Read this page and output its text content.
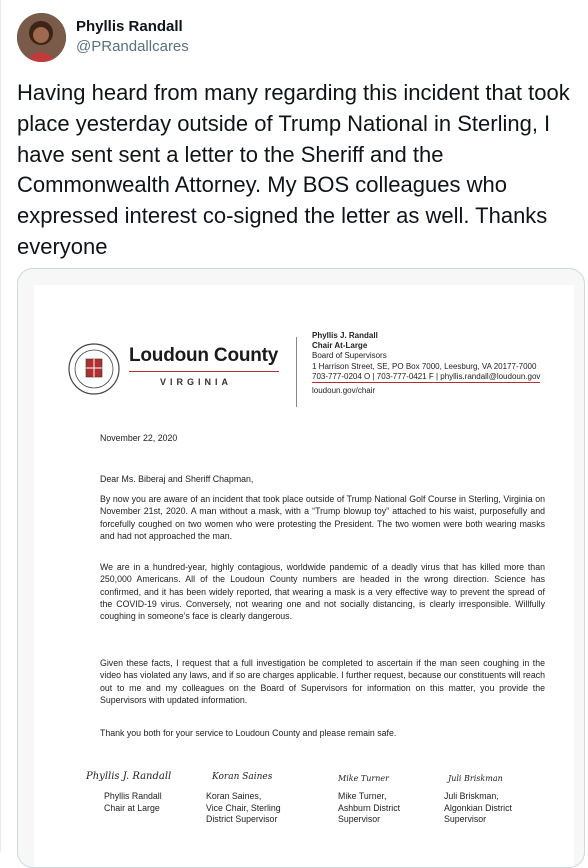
Phyllis Randall
@PRandallcares
Having heard from many regarding this incident that took place yesterday outside of Trump National in Sterling, I have sent sent a letter to the Sheriff and the Commonwealth Attorney. My BOS colleagues who expressed interest co-signed the letter as well. Thanks everyone
Loudoun County
VIRGINIA
Phyllis J. Randall
Chair At-Large
Board of Supervisors
1 Harrison Street, SE, PO Box 7000, Leesburg, VA 20177-7000
703-777-0204 O | 703-777-0421 F | phyllis.randall@loudoun.gov
loudoun.gov/chair
November 22, 2020
Dear Ms. Biberaj and Sheriff Chapman,
By now you are aware of an incident that took place outside of Trump National Golf Course in Sterling, Virginia on November 21st, 2020. A man without a mask, with a “Trump blowup toy” attached to his waist, purposefully and forcefully coughed on two women who were protesting the President. The two women were both wearing masks and had not approached the man.
We are in a hundred-year, highly contagious, worldwide pandemic of a deadly virus that has killed more than 250,000 Americans. All of the Loudoun County numbers are headed in the wrong direction. Science has confirmed, and it has been widely reported, that wearing a mask is a very effective way to prevent the spread of the COVID-19 virus. Conversely, not wearing one and not socially distancing, is clearly irresponsible. Willfully coughing in someone’s face is clearly dangerous.
Given these facts, I request that a full investigation be completed to ascertain if the man seen coughing in the video has violated any laws, and if so are charges applicable. I further request, because our constituents will reach out to me and my colleagues on the Board of Supervisors for information on this matter, you provide the Supervisors with updated information.
Thank you both for your service to Loudoun County and please remain safe.
Phyllis J. Randall
Phyllis Randall
Chair at Large
Koran Saines
Koran Saines,
Vice Chair, Sterling
District Supervisor
Mike Turner
Mike Turner,
Ashburn District
Supervisor
Juli Briskman
Juli Briskman,
Algonkian District
Supervisor
